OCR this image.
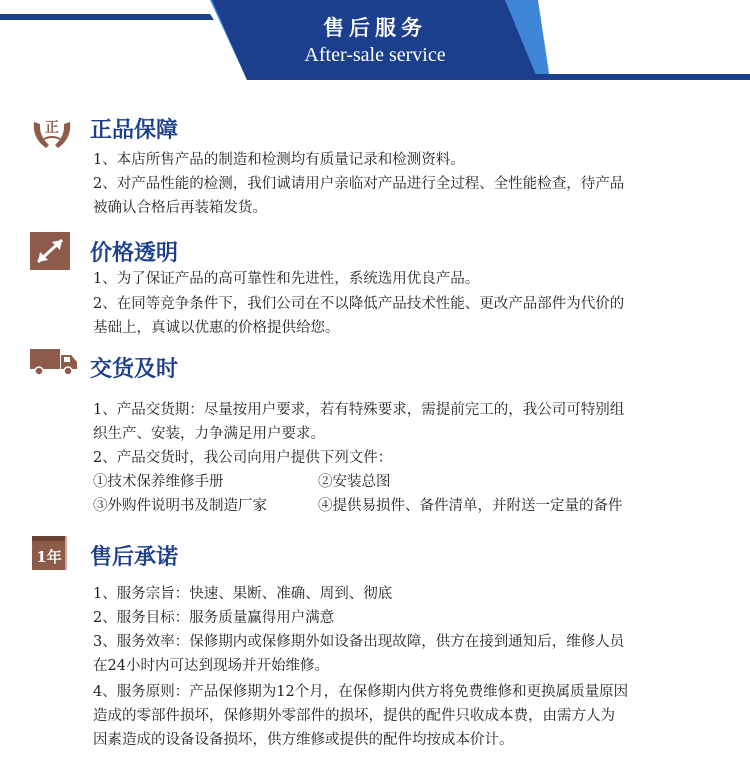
售后服务
After-sale service
正 正品保障
1、本店所售产品的制造和检测均有质量记录和检测资料。
2、对产品性能的检测，我们诚请用户亲临对产品进行全过程、全性能检查，待产品
被确认合格后再装箱发货。
价格透明
1、为了保证产品的高可靠性和先进性，系统选用优良产品。
2、在同等竞争条件下，我们公司在不以降低产品技术性能、更改产品部件为代价的
基础上，真诚以优惠的价格提供给您。
交货及时
1、产品交货期：尽量按用户要求，若有特殊要求，需提前完工的，我公司可特别组
织生产、安装，力争满足用户要求。
2、产品交货时，我公司向用户提供下列文件：
①技术保养维修手册	②安装总图
③外购件说明书及制造厂家	④提供易损件、备件清单，并附送一定量的备件
1年 售后承诺
1、服务宗旨：快速、果断、准确、周到、彻底
2、服务目标：服务质量赢得用户满意
3、服务效率：保修期内或保修期外如设备出现故障，供方在接到通知后，维修人员
在24小时内可达到现场并开始维修。
4、服务原则：产品保修期为12个月，在保修期内供方将免费维修和更换属质量原因
造成的零部件损坏，保修期外零部件的损坏，提供的配件只收成本费，由需方人为
因素造成的设备设备损坏，供方维修或提供的配件均按成本价计。
